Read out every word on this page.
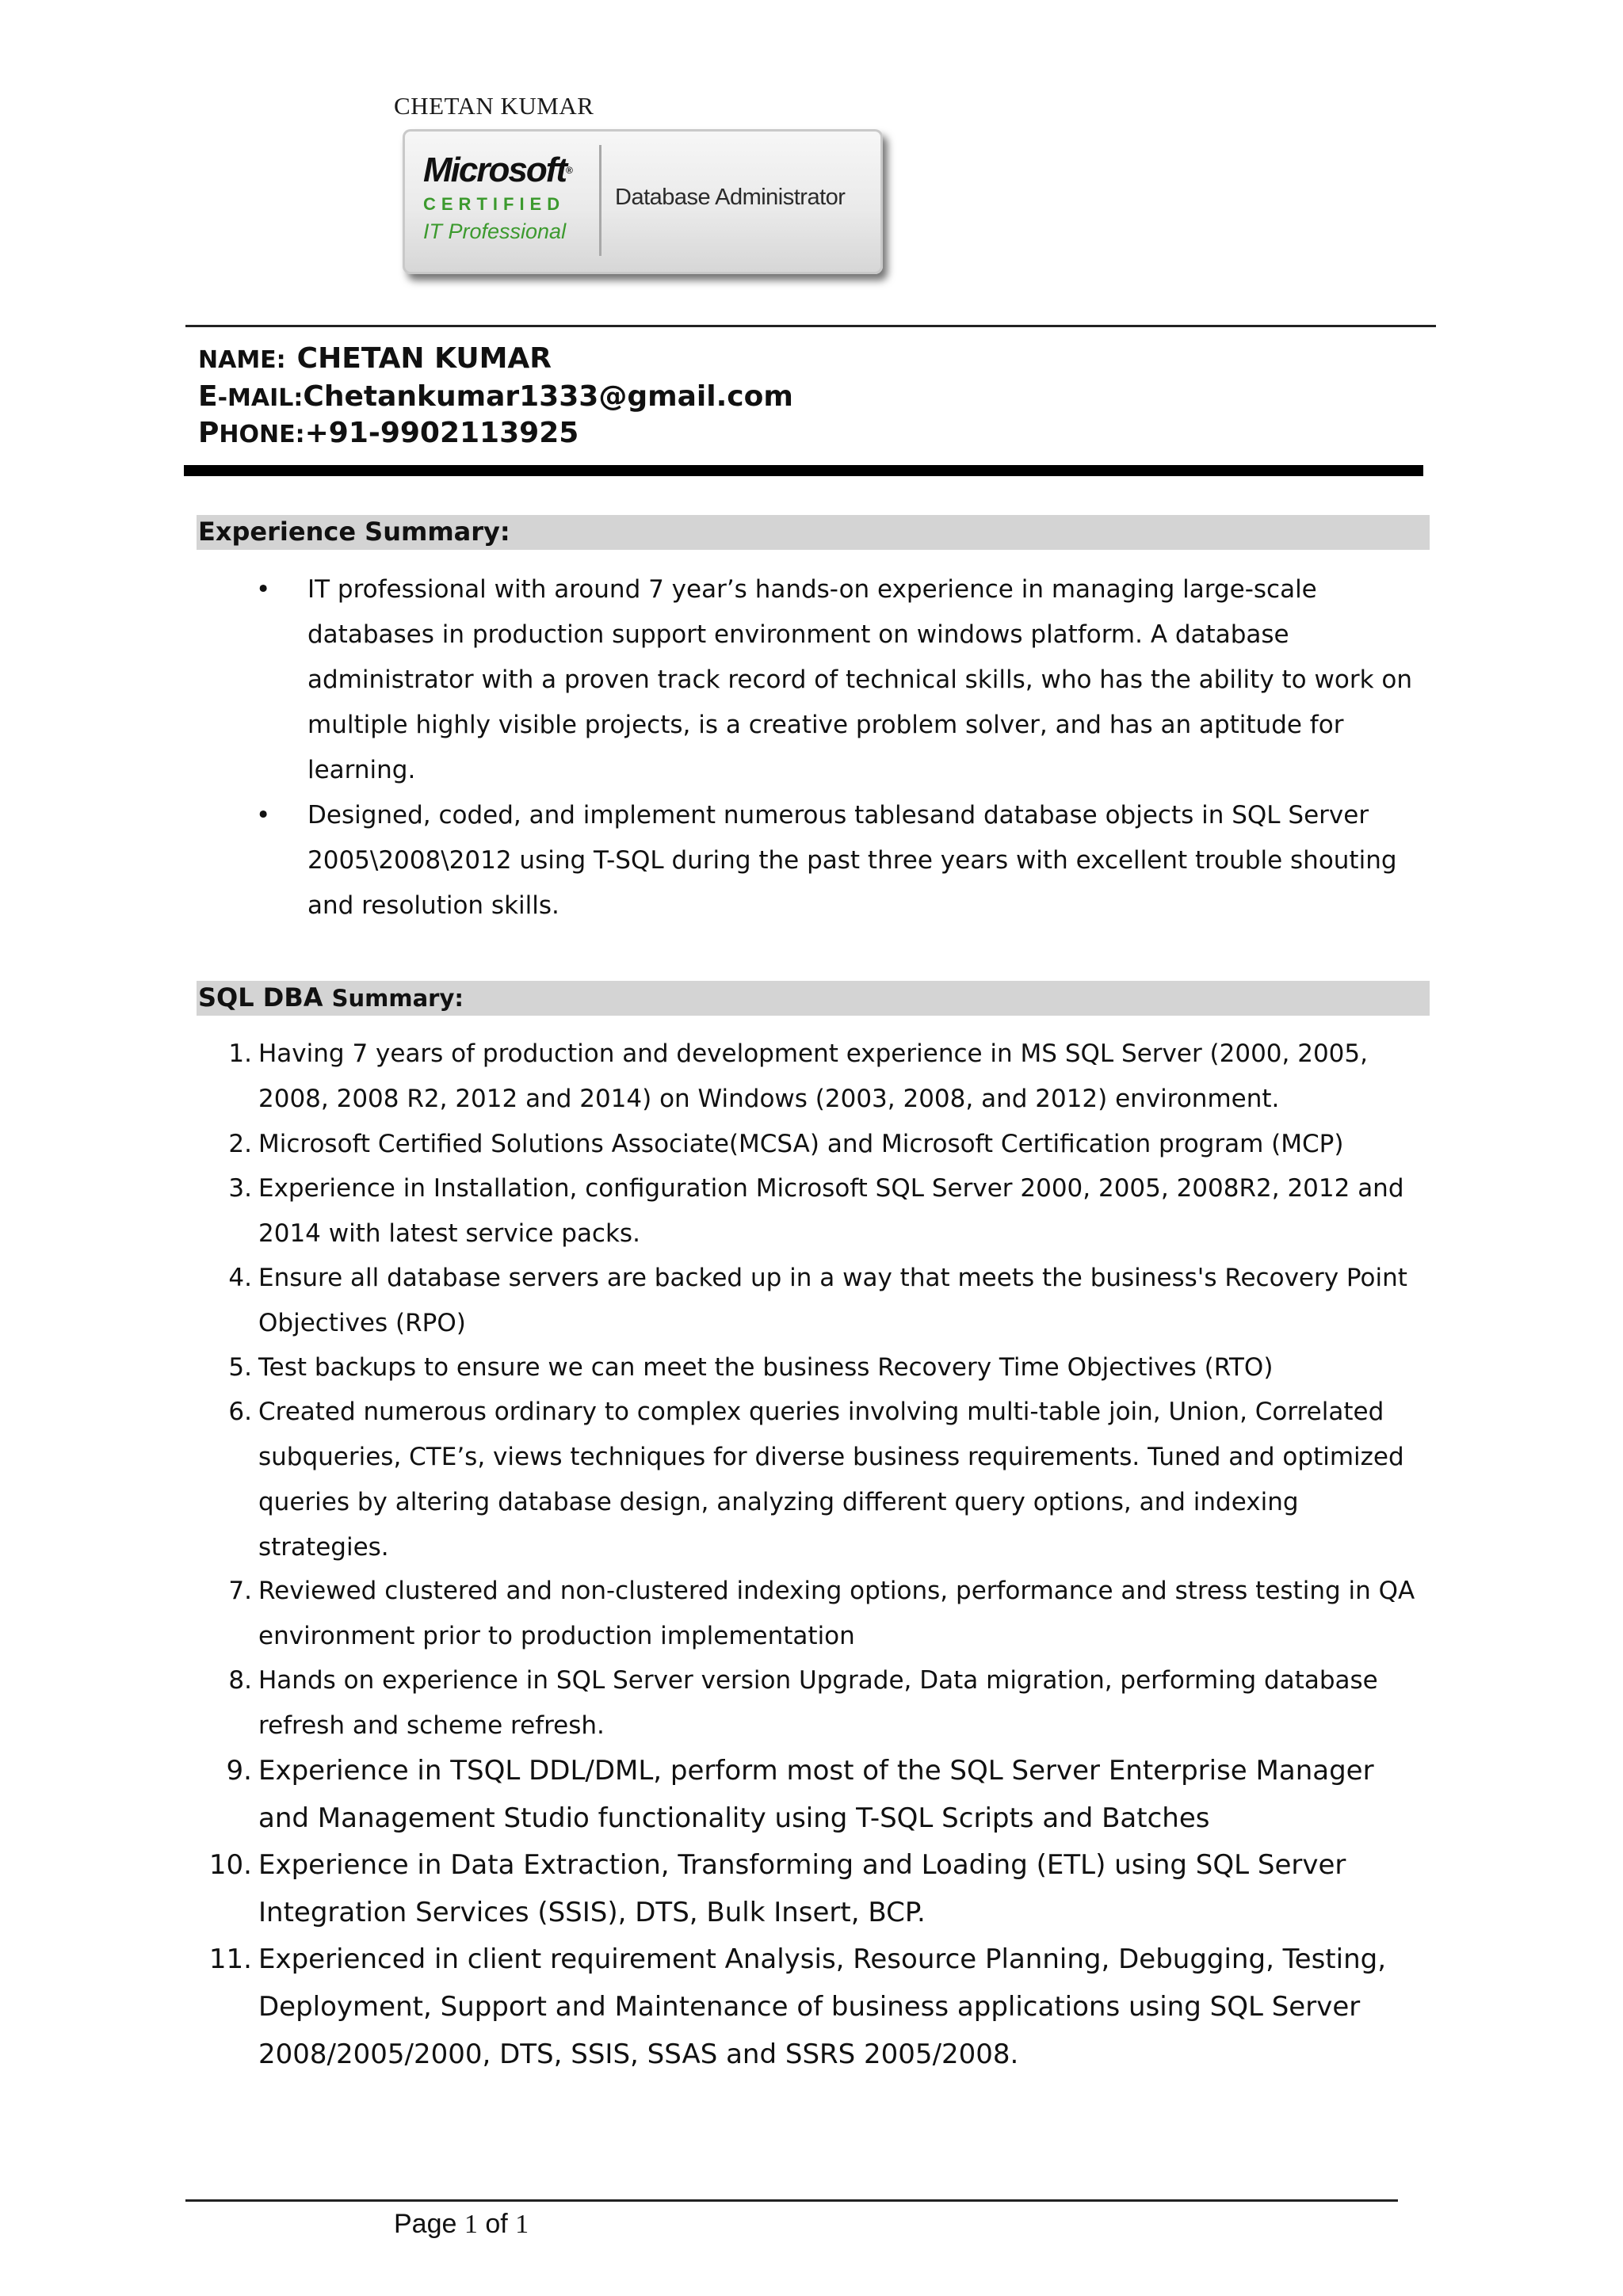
CHETAN KUMAR
Microsoft®
CERTIFIED
IT Professional
Database Administrator
NAME: CHETAN KUMAR
E-MAIL:Chetankumar1333@gmail.com
PHONE:+91-9902113925
Experience Summary:
• IT professional with around 7 year’s hands-on experience in managing large-scale databases in production support environment on windows platform. A database administrator with a proven track record of technical skills, who has the ability to work on multiple highly visible projects, is a creative problem solver, and has an aptitude for learning.
• Designed, coded, and implement numerous tablesand database objects in SQL Server 2005\2008\2012 using T-SQL during the past three years with excellent trouble shouting and resolution skills.
SQL DBA Summary:
1. Having 7 years of production and development experience in MS SQL Server (2000, 2005, 2008, 2008 R2, 2012 and 2014) on Windows (2003, 2008, and 2012) environment.
2. Microsoft Certified Solutions Associate(MCSA) and Microsoft Certification program (MCP)
3. Experience in Installation, configuration Microsoft SQL Server 2000, 2005, 2008R2, 2012 and 2014 with latest service packs.
4. Ensure all database servers are backed up in a way that meets the business's Recovery Point Objectives (RPO)
5. Test backups to ensure we can meet the business Recovery Time Objectives (RTO)
6. Created numerous ordinary to complex queries involving multi-table join, Union, Correlated subqueries, CTE’s, views techniques for diverse business requirements. Tuned and optimized queries by altering database design, analyzing different query options, and indexing strategies.
7. Reviewed clustered and non-clustered indexing options, performance and stress testing in QA environment prior to production implementation
8. Hands on experience in SQL Server version Upgrade, Data migration, performing database refresh and scheme refresh.
9. Experience in TSQL DDL/DML, perform most of the SQL Server Enterprise Manager and Management Studio functionality using T-SQL Scripts and Batches
10. Experience in Data Extraction, Transforming and Loading (ETL) using SQL Server Integration Services (SSIS), DTS, Bulk Insert, BCP.
11. Experienced in client requirement Analysis, Resource Planning, Debugging, Testing, Deployment, Support and Maintenance of business applications using SQL Server 2008/2005/2000, DTS, SSIS, SSAS and SSRS 2005/2008.
Page 1 of 1
